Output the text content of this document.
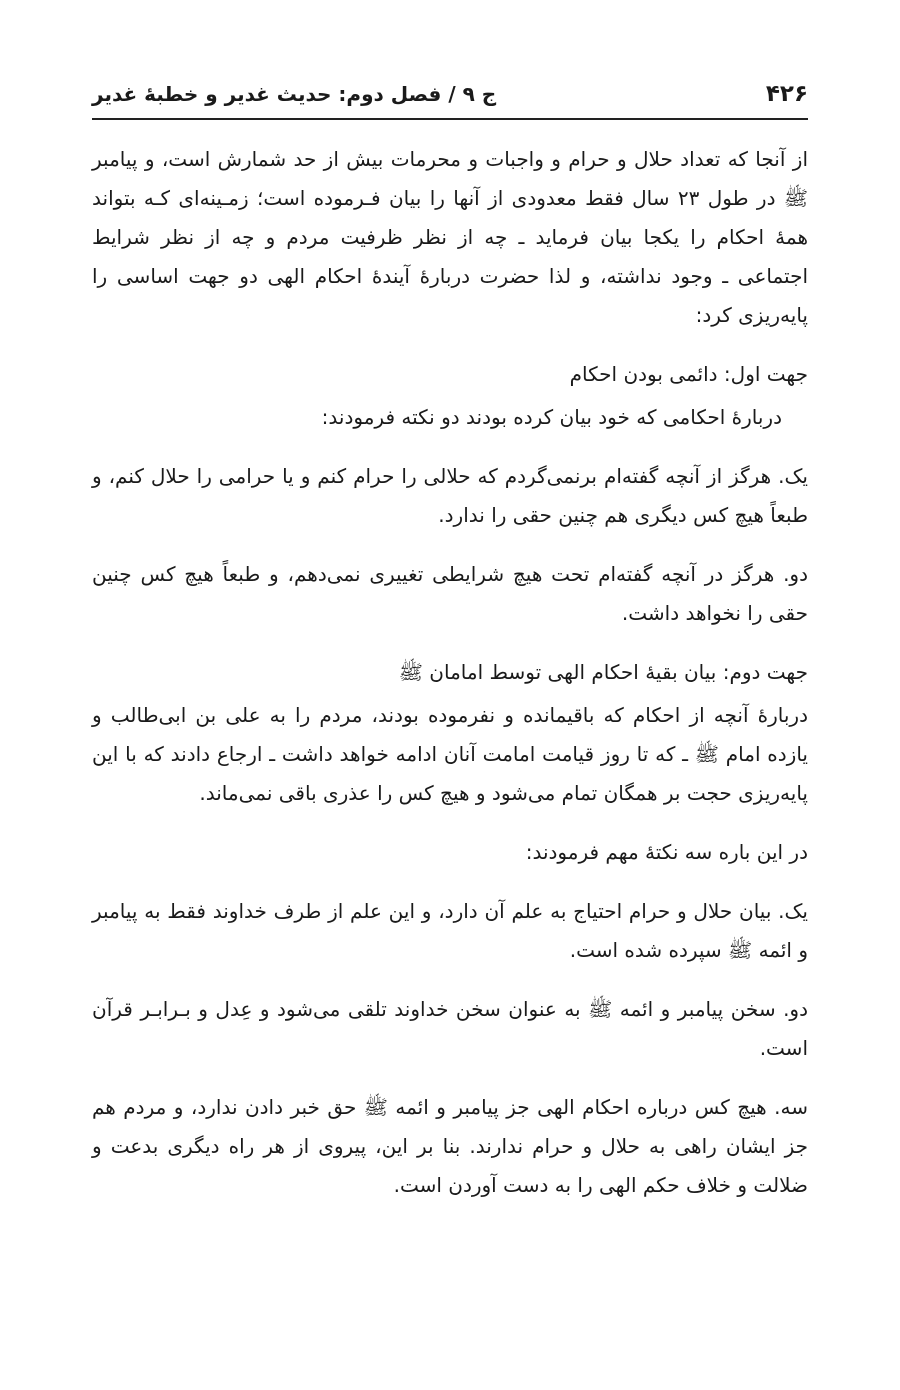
۴۲۶
ج ۹ / فصل دوم: حدیث غدیر و خطبهٔ غدیر

از آنجا که تعداد حلال و حرام و واجبات و محرمات بیش از حد شمارش است، و پیامبر ﷺ در طول ۲۳ سال فقط معدودی از آنها را بیان فـرموده است؛ زمـینه‌ای کـه بتواند همهٔ احکام را یکجا بیان فرماید ـ چه از نظر ظرفیت مردم و چه از نظر شرایط اجتماعی ـ وجود نداشته، و لذا حضرت دربارهٔ آیندهٔ احکام الهی دو جهت اساسی را پایه‌ریزی کرد:

جهت اول: دائمی بودن احکام

دربارهٔ احکامی که خود بیان کرده بودند دو نکته فرمودند:

یک. هرگز از آنچه گفته‌ام برنمی‌گردم که حلالی را حرام کنم و یا حرامی را حلال کنم، و طبعاً هیچ کس دیگری هم چنین حقی را ندارد.

دو. هرگز در آنچه گفته‌ام تحت هیچ شرایطی تغییری نمی‌دهم، و طبعاً هیچ کس چنین حقی را نخواهد داشت.

جهت دوم: بیان بقیهٔ احکام الهی توسط امامان ﷺ

دربارهٔ آنچه از احکام که باقیمانده و نفرموده بودند، مردم را به علی بن ابی‌طالب و یازده امام ﷺ ـ که تا روز قیامت امامت آنان ادامه خواهد داشت ـ ارجاع دادند که با این پایه‌ریزی حجت بر همگان تمام می‌شود و هیچ کس را عذری باقی نمی‌ماند.

در این باره سه نکتهٔ مهم فرمودند:

یک. بیان حلال و حرام احتیاج به علم آن دارد، و این علم از طرف خداوند فقط به پیامبر و ائمه ﷺ سپرده شده است.

دو. سخن پیامبر و ائمه ﷺ به عنوان سخن خداوند تلقی می‌شود و عِدل و بـرابـر قرآن است.

سه. هیچ کس درباره احکام الهی جز پیامبر و ائمه ﷺ حق خبر دادن ندارد، و مردم هم جز ایشان راهی به حلال و حرام ندارند. بنا بر این، پیروی از هر راه دیگری بدعت و ضلالت و خلاف حکم الهی را به دست آوردن است.
